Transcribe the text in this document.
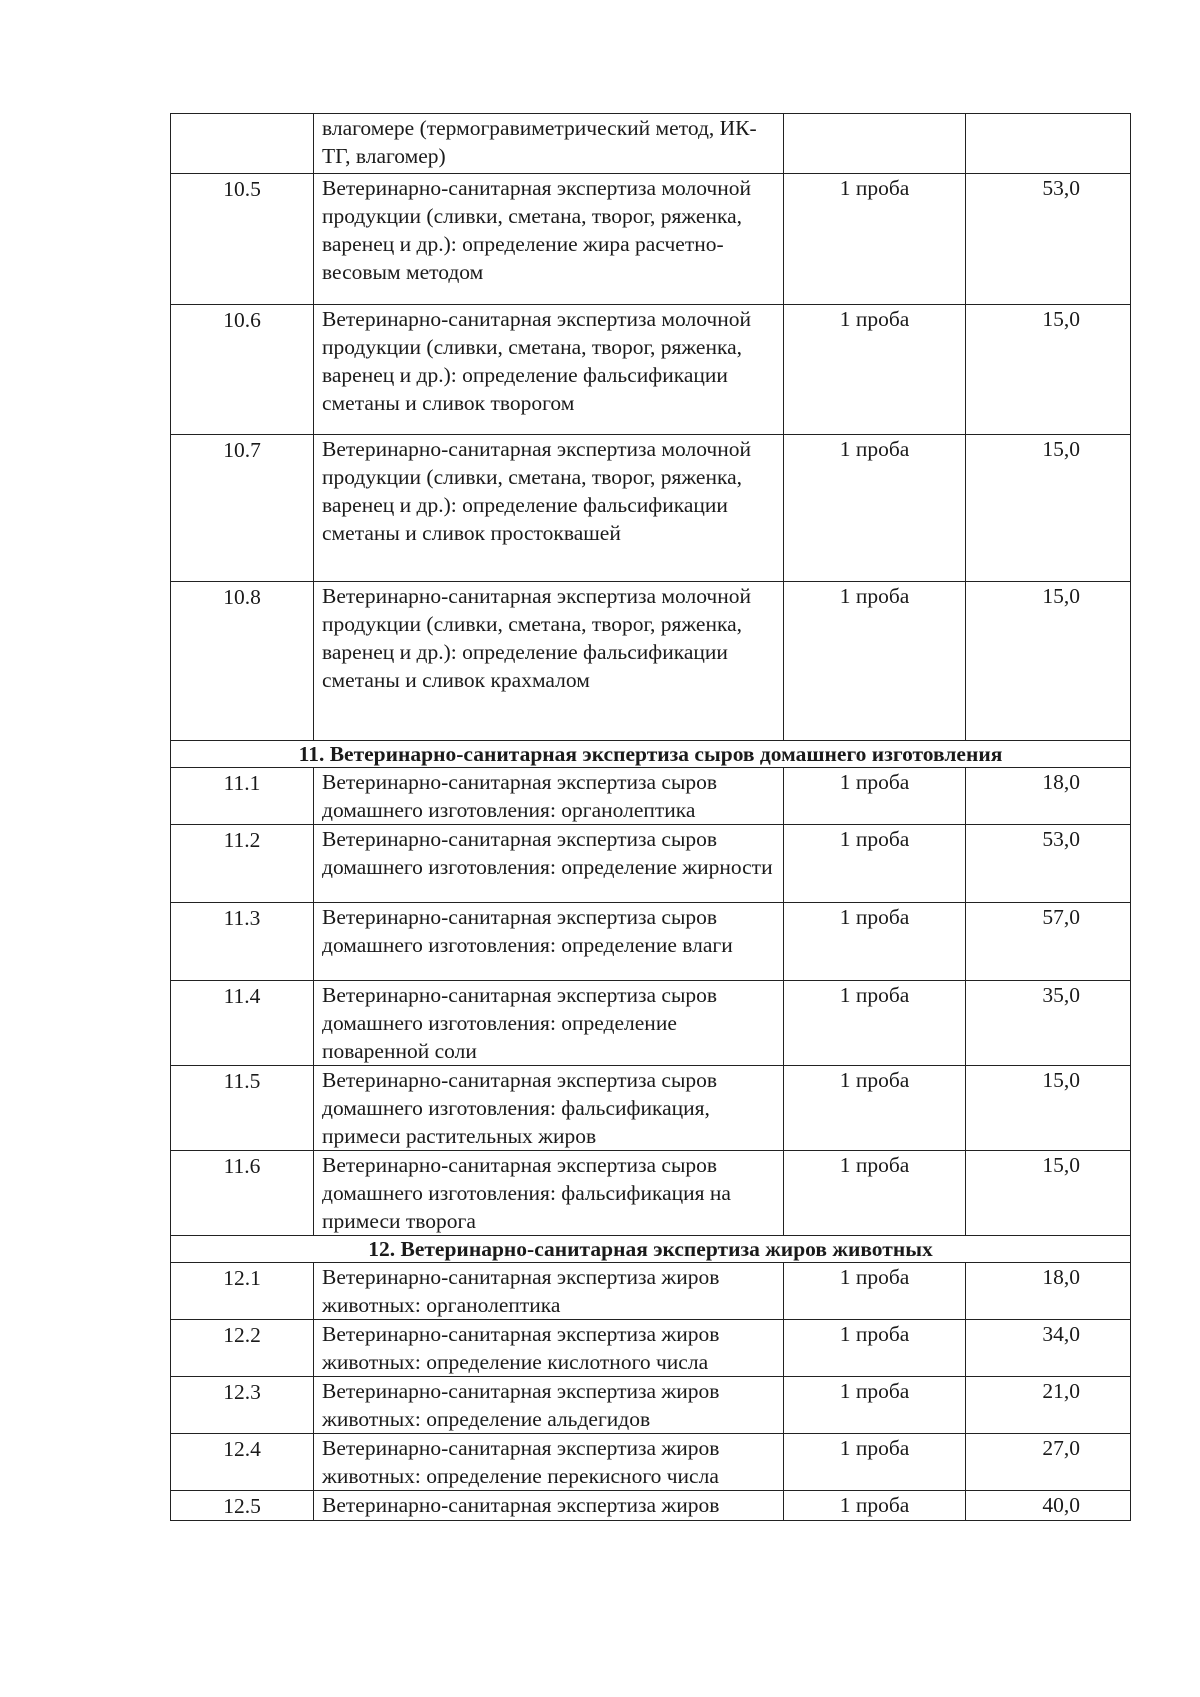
	влагомере (термогравиметрический метод, ИК-ТГ, влагомер)		
10.5	Ветеринарно-санитарная экспертиза молочной продукции (сливки, сметана, творог, ряженка, варенец и др.): определение жира расчетно-весовым методом	1 проба	53,0
10.6	Ветеринарно-санитарная экспертиза молочной продукции (сливки, сметана, творог, ряженка, варенец и др.): определение фальсификации сметаны и сливок творогом	1 проба	15,0
10.7	Ветеринарно-санитарная экспертиза молочной продукции (сливки, сметана, творог, ряженка, варенец и др.): определение фальсификации сметаны и сливок простоквашей	1 проба	15,0
10.8	Ветеринарно-санитарная экспертиза молочной продукции (сливки, сметана, творог, ряженка, варенец и др.): определение фальсификации сметаны и сливок крахмалом	1 проба	15,0
11. Ветеринарно-санитарная экспертиза сыров домашнего изготовления			
11.1	Ветеринарно-санитарная экспертиза сыров домашнего изготовления: органолептика	1 проба	18,0
11.2	Ветеринарно-санитарная экспертиза сыров домашнего изготовления: определение жирности	1 проба	53,0
11.3	Ветеринарно-санитарная экспертиза сыров домашнего изготовления: определение влаги	1 проба	57,0
11.4	Ветеринарно-санитарная экспертиза сыров домашнего изготовления: определение поваренной соли	1 проба	35,0
11.5	Ветеринарно-санитарная экспертиза сыров домашнего изготовления: фальсификация, примеси растительных жиров	1 проба	15,0
11.6	Ветеринарно-санитарная экспертиза сыров домашнего изготовления: фальсификация на примеси творога	1 проба	15,0
12. Ветеринарно-санитарная экспертиза жиров животных			
12.1	Ветеринарно-санитарная экспертиза жиров животных: органолептика	1 проба	18,0
12.2	Ветеринарно-санитарная экспертиза жиров животных: определение кислотного числа	1 проба	34,0
12.3	Ветеринарно-санитарная экспертиза жиров животных: определение альдегидов	1 проба	21,0
12.4	Ветеринарно-санитарная экспертиза жиров животных: определение перекисного числа	1 проба	27,0
12.5	Ветеринарно-санитарная экспертиза жиров	1 проба	40,0
